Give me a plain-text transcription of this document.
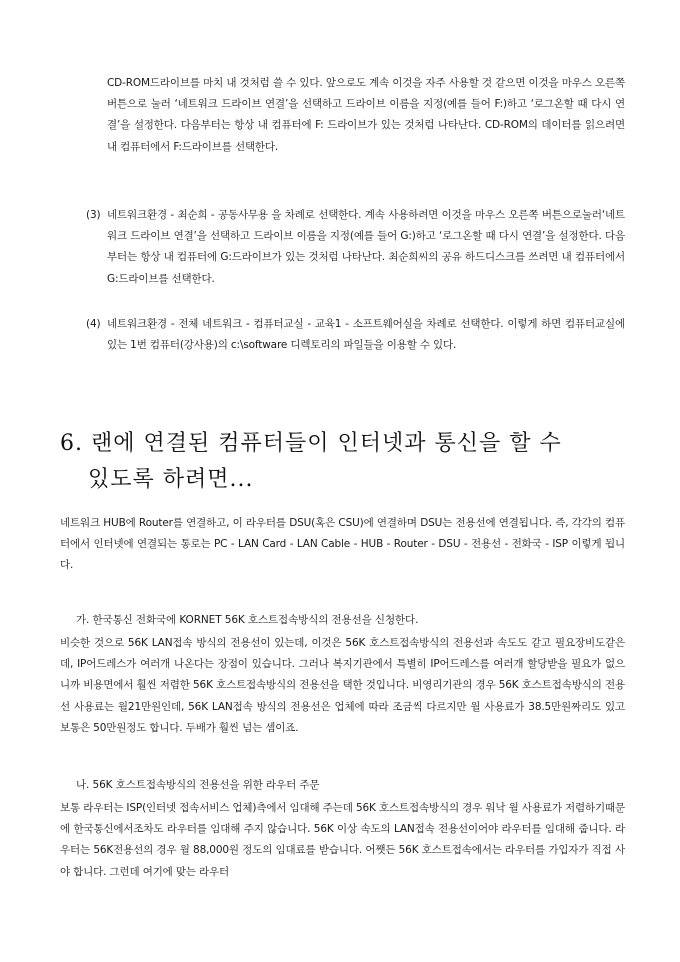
CD-ROM드라이브를 마치 내 것처럼 쓸 수 있다. 앞으로도 계속 이것을 자주 사용할 것 같으면 이것을 마우스 오른쪽 버튼으로 눌러 ‘네트워크 드라이브 연결’을 선택하고 드라이브 이름을 지정(예를 들어 F:)하고 ‘로그온할 때 다시 연결’을 설정한다. 다음부터는 항상 내 컴퓨터에 F: 드라이브가 있는 것처럼 나타난다. CD-ROM의 데이터를 읽으려면 내 컴퓨터에서 F:드라이브를 선택한다.

(3) 네트워크환경 - 최순희 - 공동사무용 을 차례로 선택한다. 계속 사용하려면 이것을 마우스 오른쪽 버튼으로눌러‘네트워크 드라이브 연결’을 선택하고 드라이브 이름을 지정(예를 들어 G:)하고 ‘로그온할 때 다시 연결’을 설정한다. 다음부터는 항상 내 컴퓨터에 G:드라이브가 있는 것처럼 나타난다. 최순희씨의 공유 하드디스크를 쓰려면 내 컴퓨터에서 G:드라이브를 선택한다.

(4) 네트워크환경 - 전체 네트워크 - 컴퓨터교실 - 교육1 - 소프트웨어실을 차례로 선택한다. 이렇게 하면 컴퓨터교실에 있는 1번 컴퓨터(강사용)의 c:\software 디렉토리의 파일들을 이용할 수 있다.

6. 랜에 연결된 컴퓨터들이 인터넷과 통신을 할 수
있도록 하려면...

네트워크 HUB에 Router를 연결하고, 이 라우터를 DSU(혹은 CSU)에 연결하며 DSU는 전용선에 연결됩니다. 즉, 각각의 컴퓨터에서 인터넷에 연결되는 통로는 PC - LAN Card - LAN Cable - HUB - Router - DSU - 전용선 - 전화국 - ISP 이렇게 됩니다.

가. 한국통신 전화국에 KORNET 56K 호스트접속방식의 전용선을 신청한다.

비슷한 것으로 56K LAN접속 방식의 전용선이 있는데, 이것은 56K 호스트접속방식의 전용선과 속도도 같고 필요장비도같은데, IP어드레스가 여러개 나온다는 장점이 있습니다. 그러나 복지기관에서 특별히 IP어드레스를 여러개 할당받을 필요가 없으니까 비용면에서 훨씬 저렴한 56K 호스트접속방식의 전용선을 택한 것입니다. 비영리기관의 경우 56K 호스트접속방식의 전용선 사용료는 월21만원인데, 56K LAN접속 방식의 전용선은 업체에 따라 조금씩 다르지만 월 사용료가 38.5만원짜리도 있고 보통은 50만원정도 합니다. 두배가 훨씬 넘는 셈이죠.

나. 56K 호스트접속방식의 전용선을 위한 라우터 주문

보통 라우터는 ISP(인터넷 접속서비스 업체)측에서 임대해 주는데 56K 호스트접속방식의 경우 워낙 월 사용료가 저렴하기때문에 한국통신에서조차도 라우터를 임대해 주지 않습니다. 56K 이상 속도의 LAN접속 전용선이어야 라우터를 임대해 줍니다. 라우터는 56K전용선의 경우 월 88,000원 정도의 임대료를 받습니다. 어쨋든 56K 호스트접속에서는 라우터를 가입자가 직접 사야 합니다. 그런데 여기에 맞는 라우터
